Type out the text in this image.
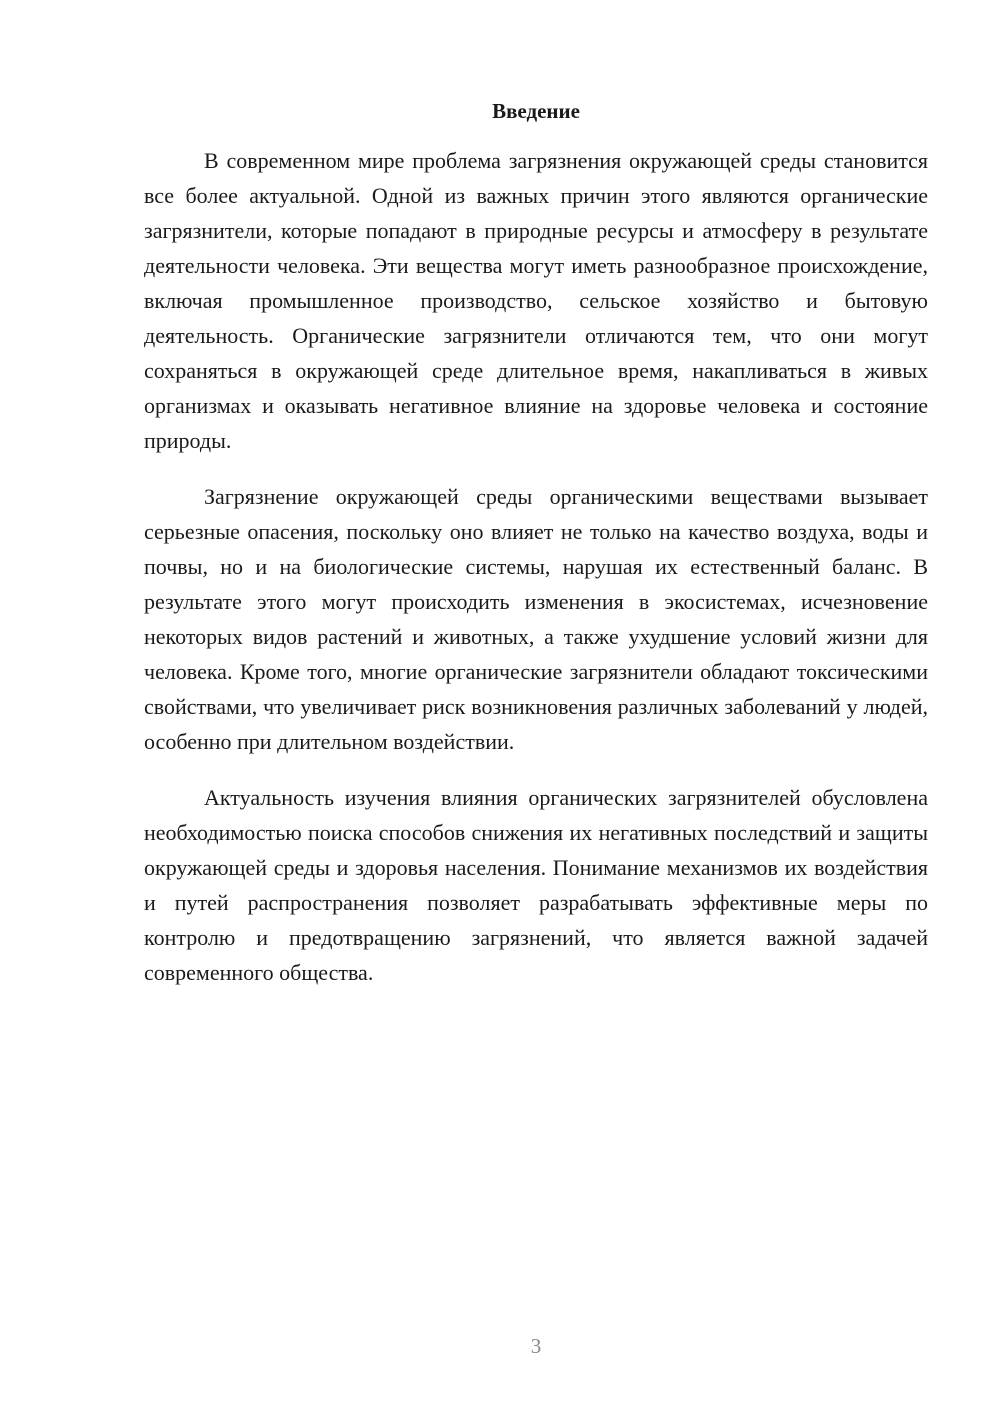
Введение

В современном мире проблема загрязнения окружающей среды становится все более актуальной. Одной из важных причин этого являются органические загрязнители, которые попадают в природные ресурсы и атмосферу в результате деятельности человека. Эти вещества могут иметь разнообразное происхождение, включая промышленное производство, сельское хозяйство и бытовую деятельность. Органические загрязнители отличаются тем, что они могут сохраняться в окружающей среде длительное время, накапливаться в живых организмах и оказывать негативное влияние на здоровье человека и состояние природы.

Загрязнение окружающей среды органическими веществами вызывает серьезные опасения, поскольку оно влияет не только на качество воздуха, воды и почвы, но и на биологические системы, нарушая их естественный баланс. В результате этого могут происходить изменения в экосистемах, исчезновение некоторых видов растений и животных, а также ухудшение условий жизни для человека. Кроме того, многие органические загрязнители обладают токсическими свойствами, что увеличивает риск возникновения различных заболеваний у людей, особенно при длительном воздействии.

Актуальность изучения влияния органических загрязнителей обусловлена необходимостью поиска способов снижения их негативных последствий и защиты окружающей среды и здоровья населения. Понимание механизмов их воздействия и путей распространения позволяет разрабатывать эффективные меры по контролю и предотвращению загрязнений, что является важной задачей современного общества.

3
